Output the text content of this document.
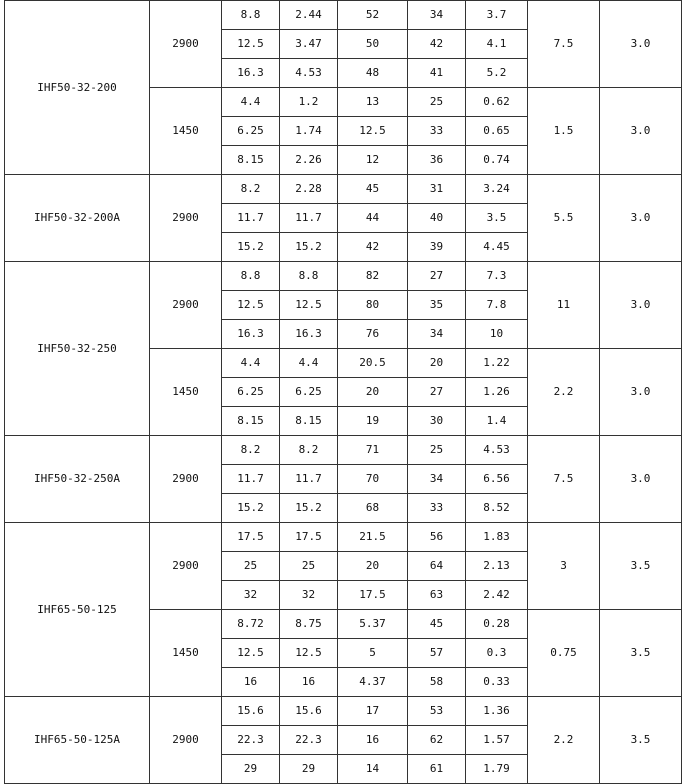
IHF50-32-200	2900	8.8	2.44	52	34	3.7	7.5	3.0
		12.5	3.47	50	42	4.1		
		16.3	4.53	48	41	5.2		
	1450	4.4	1.2	13	25	0.62	1.5	3.0
		6.25	1.74	12.5	33	0.65		
		8.15	2.26	12	36	0.74		
IHF50-32-200A	2900	8.2	2.28	45	31	3.24	5.5	3.0
		11.7	11.7	44	40	3.5		
		15.2	15.2	42	39	4.45		
IHF50-32-250	2900	8.8	8.8	82	27	7.3	11	3.0
		12.5	12.5	80	35	7.8		
		16.3	16.3	76	34	10		
	1450	4.4	4.4	20.5	20	1.22	2.2	3.0
		6.25	6.25	20	27	1.26		
		8.15	8.15	19	30	1.4		
IHF50-32-250A	2900	8.2	8.2	71	25	4.53	7.5	3.0
		11.7	11.7	70	34	6.56		
		15.2	15.2	68	33	8.52		
IHF65-50-125	2900	17.5	17.5	21.5	56	1.83	3	3.5
		25	25	20	64	2.13		
		32	32	17.5	63	2.42		
	1450	8.72	8.75	5.37	45	0.28	0.75	3.5
		12.5	12.5	5	57	0.3		
		16	16	4.37	58	0.33		
IHF65-50-125A	2900	15.6	15.6	17	53	1.36	2.2	3.5
		22.3	22.3	16	62	1.57		
		29	29	14	61	1.79		
